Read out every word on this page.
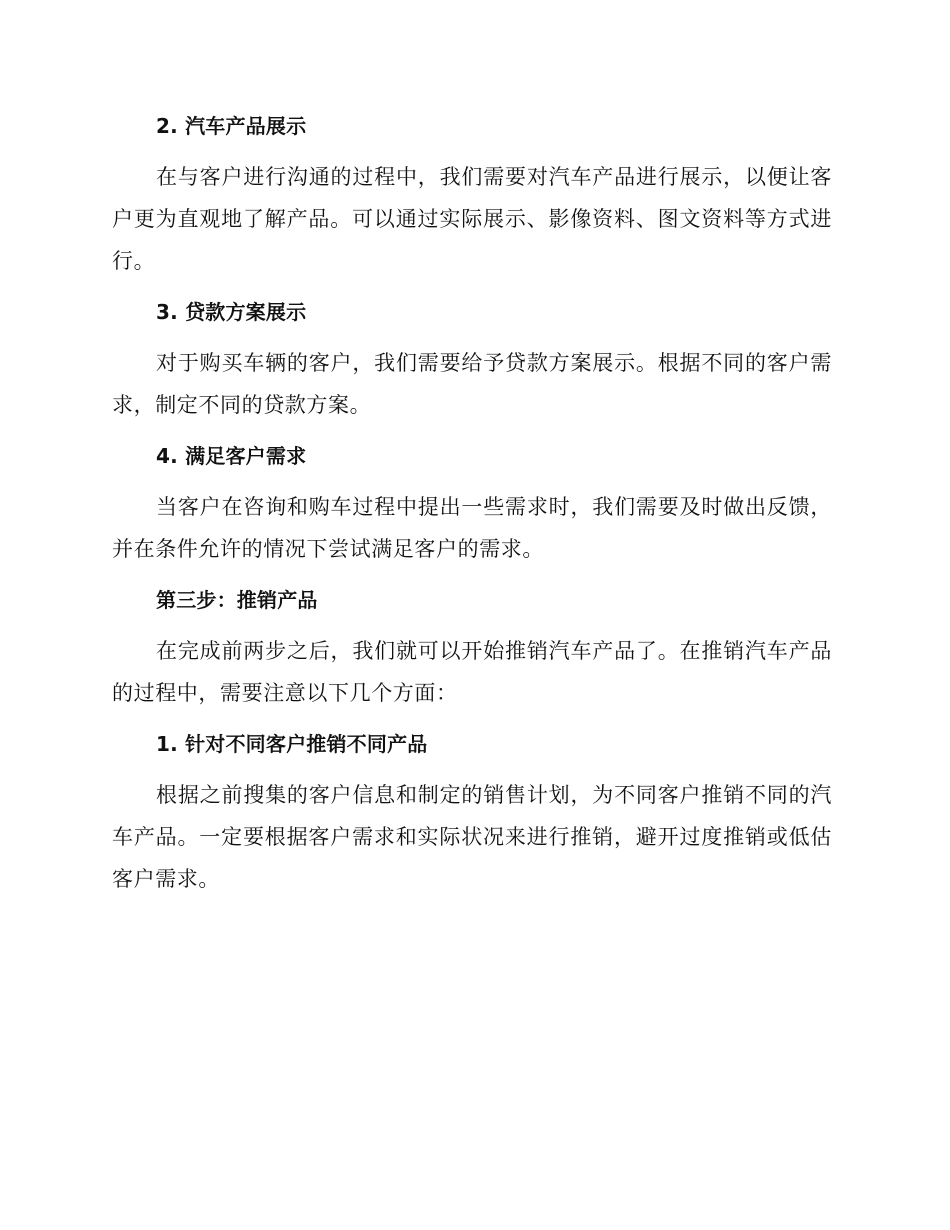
2. 汽车产品展示

在与客户进行沟通的过程中，我们需要对汽车产品进行展示，以便让客户更为直观地了解产品。可以通过实际展示、影像资料、图文资料等方式进行。

3. 贷款方案展示

对于购买车辆的客户，我们需要给予贷款方案展示。根据不同的客户需求，制定不同的贷款方案。

4. 满足客户需求

当客户在咨询和购车过程中提出一些需求时，我们需要及时做出反馈，并在条件允许的情况下尝试满足客户的需求。

第三步：推销产品

在完成前两步之后，我们就可以开始推销汽车产品了。在推销汽车产品的过程中，需要注意以下几个方面：

1. 针对不同客户推销不同产品

根据之前搜集的客户信息和制定的销售计划，为不同客户推销不同的汽车产品。一定要根据客户需求和实际状况来进行推销，避开过度推销或低估客户需求。
